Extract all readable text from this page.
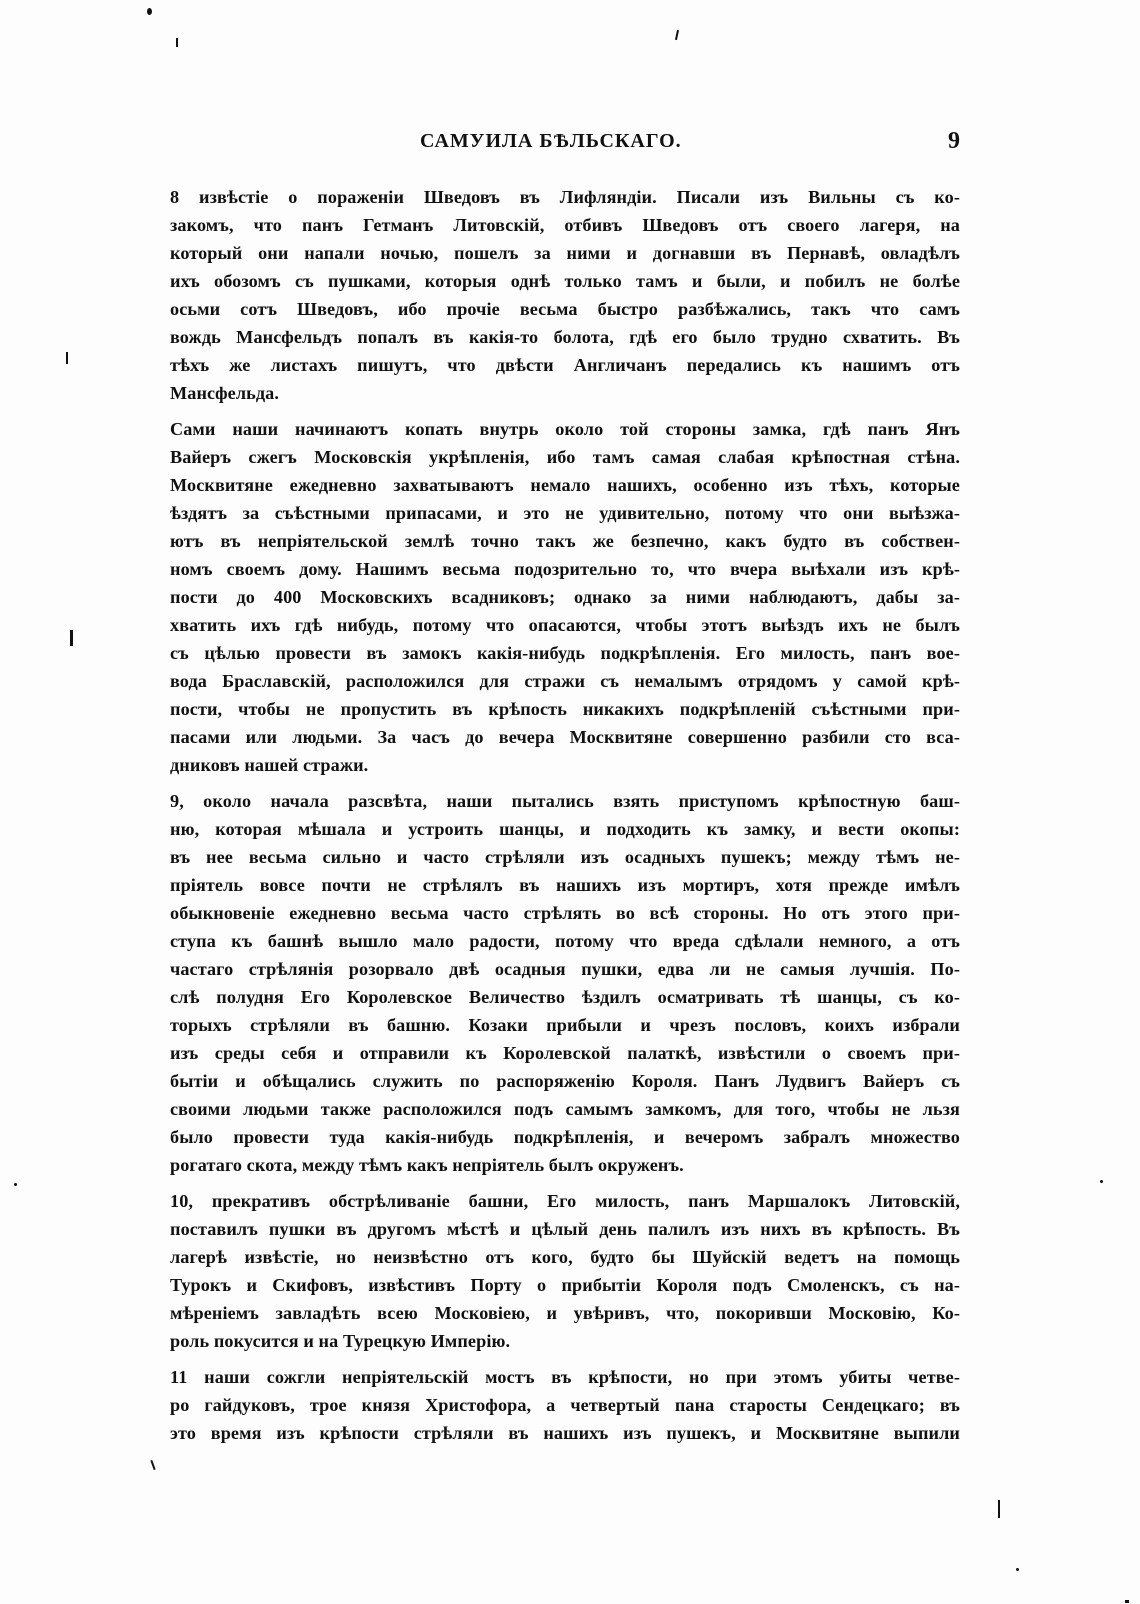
САМУИЛА БѢЛЬСКАГО.	9
8 извѣстіе о пораженіи Шведовъ въ Лифляндіи. Писали изъ Вильны съ ко-
закомъ, что панъ Гетманъ Литовскій, отбивъ Шведовъ отъ своего лагеря, на
который они напали ночью, пошелъ за ними и догнавши въ Пернавѣ, овладѣлъ
ихъ обозомъ съ пушками, которыя однѣ только тамъ и были, и побилъ не болѣе
осьми сотъ Шведовъ, ибо прочіе весьма быстро разбѣжались, такъ что самъ
вождь Мансфельдъ попалъ въ какія-то болота, гдѣ его было трудно схватить. Въ
тѣхъ же листахъ пишутъ, что двѣсти Англичанъ передались къ нашимъ отъ
Мансфельда.
Сами наши начинаютъ копать внутрь около той стороны замка, гдѣ панъ Янъ
Вайеръ сжегъ Московскія укрѣпленія, ибо тамъ самая слабая крѣпостная стѣна.
Москвитяне ежедневно захватываютъ немало нашихъ, особенно изъ тѣхъ, которые
ѣздятъ за съѣстными припасами, и это не удивительно, потому что они выѣзжа-
ютъ въ непріятельской землѣ точно такъ же безпечно, какъ будто въ собствен-
номъ своемъ дому. Нашимъ весьма подозрительно то, что вчера выѣхали изъ крѣ-
пости до 400 Московскихъ всадниковъ; однако за ними наблюдаютъ, дабы за-
хватить ихъ гдѣ нибудь, потому что опасаются, чтобы этотъ выѣздъ ихъ не былъ
съ цѣлью провести въ замокъ какія-нибудь подкрѣпленія. Его милость, панъ вое-
вода Браславскій, расположился для стражи съ немалымъ отрядомъ у самой крѣ-
пости, чтобы не пропустить въ крѣпость никакихъ подкрѣпленій съѣстными при-
пасами или людьми. За часъ до вечера Москвитяне совершенно разбили сто вса-
дниковъ нашей стражи.
9, около начала разсвѣта, наши пытались взять приступомъ крѣпостную баш-
ню, которая мѣшала и устроить шанцы, и подходить къ замку, и вести окопы:
въ нее весьма сильно и часто стрѣляли изъ осадныхъ пушекъ; между тѣмъ не-
пріятель вовсе почти не стрѣлялъ въ нашихъ изъ мортиръ, хотя прежде имѣлъ
обыкновеніе ежедневно весьма часто стрѣлять во всѣ стороны. Но отъ этого при-
ступа къ башнѣ вышло мало радости, потому что вреда сдѣлали немного, а отъ
частаго стрѣлянія розорвало двѣ осадныя пушки, едва ли не самыя лучшія. По-
слѣ полудня Его Королевское Величество ѣздилъ осматривать тѣ шанцы, съ ко-
торыхъ стрѣляли въ башню. Козаки прибыли и чрезъ пословъ, коихъ избрали
изъ среды себя и отправили къ Королевской палаткѣ, извѣстили о своемъ при-
бытіи и обѣщались служить по распоряженію Короля. Панъ Лудвигъ Вайеръ съ
своими людьми также расположился подъ самымъ замкомъ, для того, чтобы не льзя
было провести туда какія-нибудь подкрѣпленія, и вечеромъ забралъ множество
рогатаго скота, между тѣмъ какъ непріятель былъ окруженъ.
10, прекративъ обстрѣливаніе башни, Его милость, панъ Маршалокъ Литовскій,
поставилъ пушки въ другомъ мѣстѣ и цѣлый день палилъ изъ нихъ въ крѣпость. Въ
лагерѣ извѣстіе, но неизвѣстно отъ кого, будто бы Шуйскій ведетъ на помощь
Турокъ и Скифовъ, извѣстивъ Порту о прибытіи Короля подъ Смоленскъ, съ на-
мѣреніемъ завладѣть всею Московіею, и увѣривъ, что, покоривши Московію, Ко-
роль покусится и на Турецкую Имперію.
11 наши сожгли непріятельскій мостъ въ крѣпости, но при этомъ убиты четве-
ро гайдуковъ, трое князя Христофора, а четвертый пана старосты Сендецкаго; въ
это время изъ крѣпости стрѣляли въ нашихъ изъ пушекъ, и Москвитяне выпили
